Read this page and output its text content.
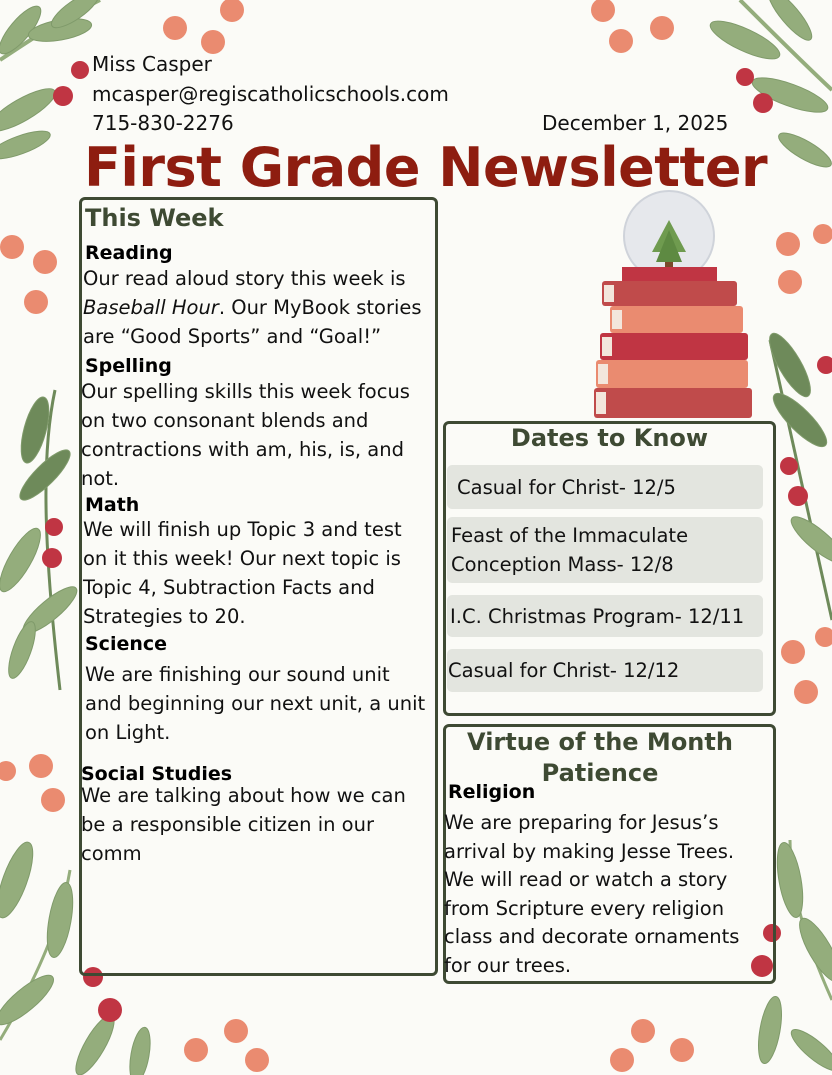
Miss Casper
mcasper@regiscatholicschools.com
715-830-2276	December 1, 2025
First Grade Newsletter
This Week
Reading
Our read aloud story this week is
Baseball Hour. Our MyBook stories
are “Good Sports” and “Goal!”
Spelling
Our spelling skills this week focus
on two consonant blends and
contractions with am, his, is, and
not.
Math
We will finish up Topic 3 and test
on it this week! Our next topic is
Topic 4, Subtraction Facts and
Strategies to 20.
Science
We are finishing our sound unit
and beginning our next unit, a unit
on Light.
Social Studies
We are talking about how we can
be a responsible citizen in our
comm
Dates to Know
Casual for Christ- 12/5
Feast of the Immaculate
Conception Mass- 12/8
I.C. Christmas Program- 12/11
Casual for Christ- 12/12
Virtue of the Month
Patience
Religion
We are preparing for Jesus’s
arrival by making Jesse Trees.
We will read or watch a story
from Scripture every religion
class and decorate ornaments
for our trees.
